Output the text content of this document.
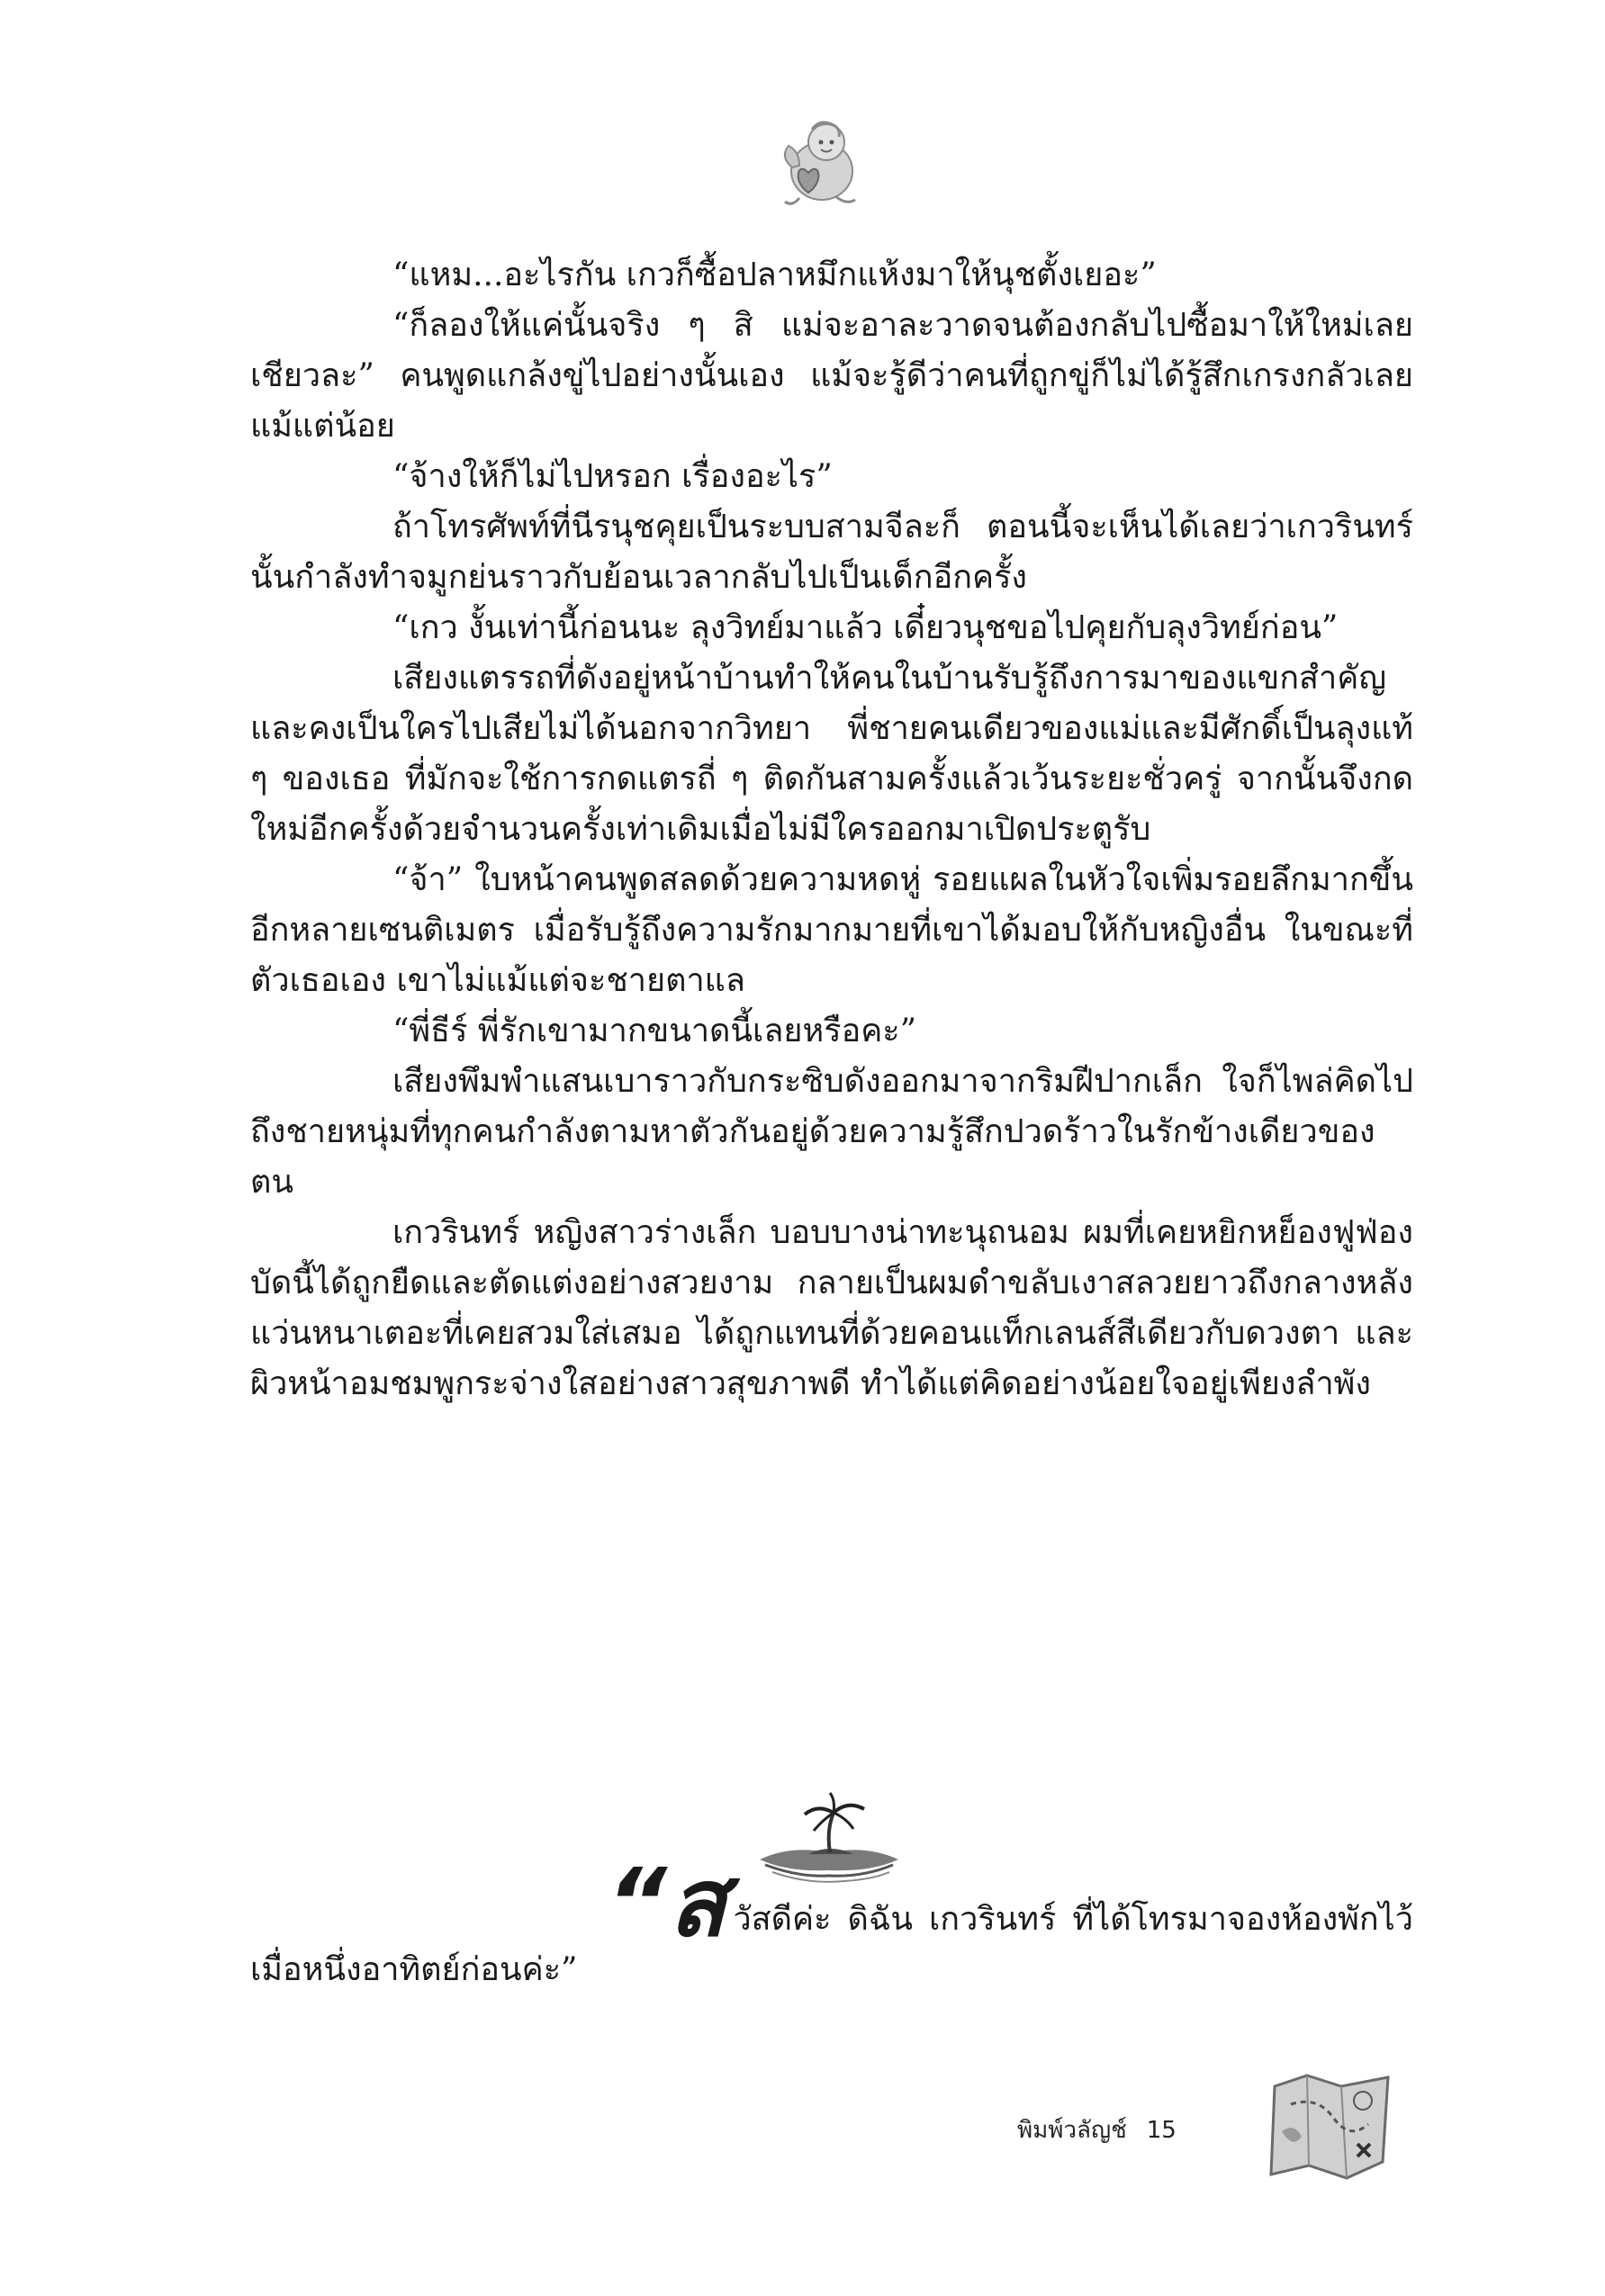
“แหม...อะไรกัน เกวก็ซื้อปลาหมึกแห้งมาให้นุชตั้งเยอะ”

“ก็ลองให้แค่นั้นจริง ๆ สิ แม่จะอาละวาดจนต้องกลับไปซื้อมาให้ใหม่เลยเชียวละ” คนพูดแกล้งขู่ไปอย่างนั้นเอง แม้จะรู้ดีว่าคนที่ถูกขู่ก็ไม่ได้รู้สึกเกรงกลัวเลยแม้แต่น้อย

“จ้างให้ก็ไม่ไปหรอก เรื่องอะไร”

ถ้าโทรศัพท์ที่นีรนุชคุยเป็นระบบสามจีละก็ ตอนนี้จะเห็นได้เลยว่าเกวรินทร์นั้นกำลังทำจมูกย่นราวกับย้อนเวลากลับไปเป็นเด็กอีกครั้ง

“เกว งั้นเท่านี้ก่อนนะ ลุงวิทย์มาแล้ว เดี๋ยวนุชขอไปคุยกับลุงวิทย์ก่อน”

เสียงแตรรถที่ดังอยู่หน้าบ้านทำให้คนในบ้านรับรู้ถึงการมาของแขกสำคัญ และคงเป็นใครไปเสียไม่ได้นอกจากวิทยา พี่ชายคนเดียวของแม่และมีศักดิ์เป็นลุงแท้ ๆ ของเธอ ที่มักจะใช้การกดแตรถี่ ๆ ติดกันสามครั้งแล้วเว้นระยะชั่วครู่ จากนั้นจึงกดใหม่อีกครั้งด้วยจำนวนครั้งเท่าเดิมเมื่อไม่มีใครออกมาเปิดประตูรับ

“จ้า” ใบหน้าคนพูดสลดด้วยความหดหู่ รอยแผลในหัวใจเพิ่มรอยลึกมากขึ้นอีกหลายเซนติเมตร เมื่อรับรู้ถึงความรักมากมายที่เขาได้มอบให้กับหญิงอื่น ในขณะที่ตัวเธอเอง เขาไม่แม้แต่จะชายตาแล

“พี่ธีร์ พี่รักเขามากขนาดนี้เลยหรือคะ”

เสียงพึมพำแสนเบาราวกับกระซิบดังออกมาจากริมฝีปากเล็ก ใจก็ไพล่คิดไปถึงชายหนุ่มที่ทุกคนกำลังตามหาตัวกันอยู่ด้วยความรู้สึกปวดร้าวในรักข้างเดียวของตน

เกวรินทร์ หญิงสาวร่างเล็ก บอบบางน่าทะนุถนอม ผมที่เคยหยิกหย็องฟูฟ่อง บัดนี้ได้ถูกยืดและตัดแต่งอย่างสวยงาม กลายเป็นผมดำขลับเงาสลวยยาวถึงกลางหลัง แว่นหนาเตอะที่เคยสวมใส่เสมอ ได้ถูกแทนที่ด้วยคอนแท็กเลนส์สีเดียวกับดวงตา และผิวหน้าอมชมพูกระจ่างใสอย่างสาวสุขภาพดี ทำได้แต่คิดอย่างน้อยใจอยู่เพียงลำพัง

“สวัสดีค่ะ ดิฉัน เกวรินทร์ ที่ได้โทรมาจองห้องพักไว้เมื่อหนึ่งอาทิตย์ก่อนค่ะ”

พิมพ์วลัญช์ 15
